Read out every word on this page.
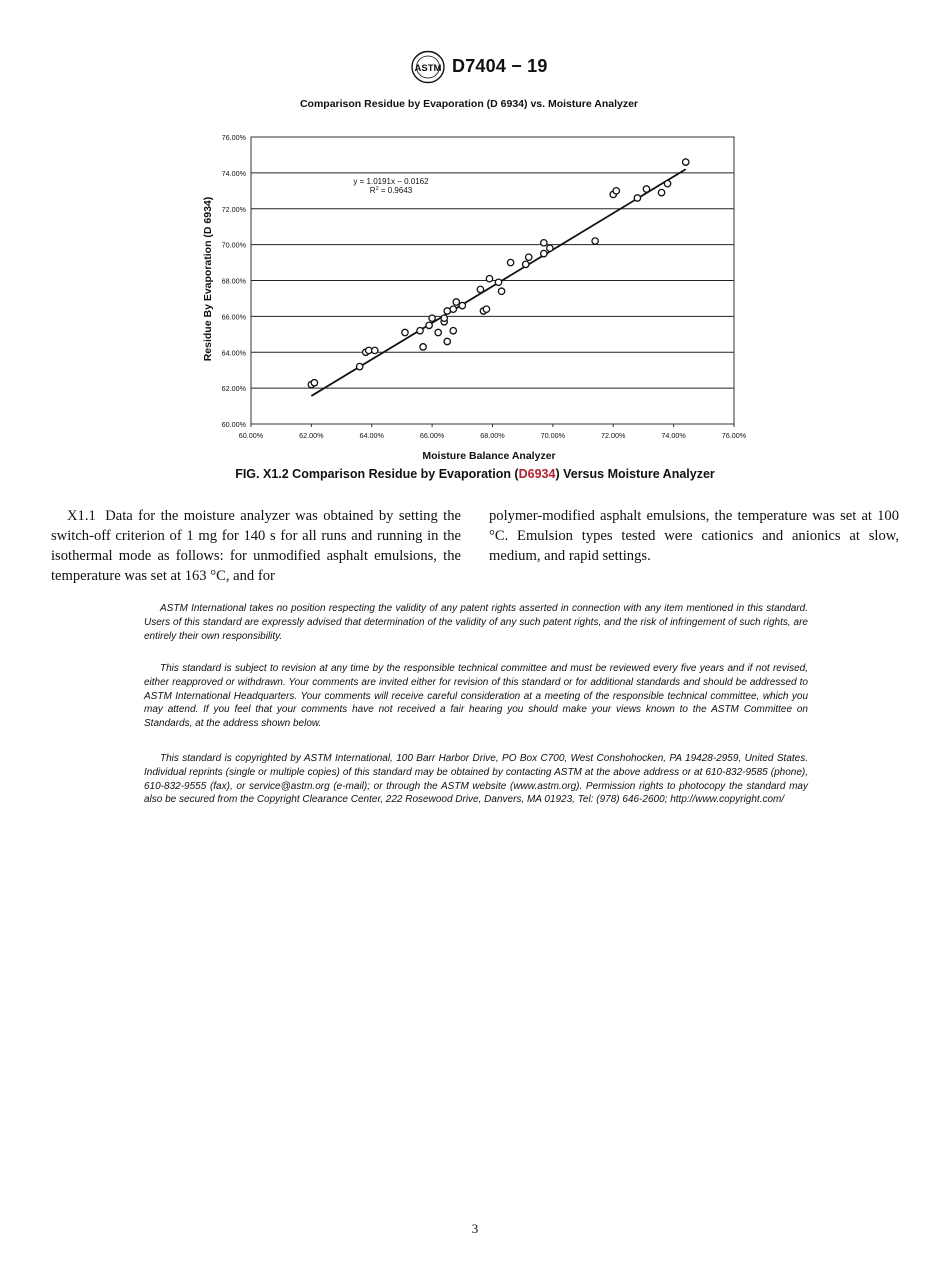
ASTM D7404 − 19
Comparison Residue by Evaporation (D 6934) vs. Moisture Analyzer
60.00%
62.00%
64.00%
66.00%
68.00%
70.00%
72.00%
74.00%
76.00%
60.00%	62.00%	64.00%	66.00%	68.00%	70.00%	72.00%	74.00%	76.00%
y = 1.0191x − 0.0162
$R^2 = 0.9643$
Moisture Balance Analyzer
Residue By Evaporation (D 6934)
FIG. X1.2 Comparison Residue by Evaporation (D6934) Versus Moisture Analyzer
X1.1 Data for the moisture analyzer was obtained by setting the switch-off criterion of 1 mg for 140 s for all runs and running in the isothermal mode as follows: for unmodified asphalt emulsions, the temperature was set at 163 °C, and for
polymer-modified asphalt emulsions, the temperature was set at 100 °C. Emulsion types tested were cationics and anionics at slow, medium, and rapid settings.
ASTM International takes no position respecting the validity of any patent rights asserted in connection with any item mentioned in this standard. Users of this standard are expressly advised that determination of the validity of any such patent rights, and the risk of infringement of such rights, are entirely their own responsibility.
This standard is subject to revision at any time by the responsible technical committee and must be reviewed every five years and if not revised, either reapproved or withdrawn. Your comments are invited either for revision of this standard or for additional standards and should be addressed to ASTM International Headquarters. Your comments will receive careful consideration at a meeting of the responsible technical committee, which you may attend. If you feel that your comments have not received a fair hearing you should make your views known to the ASTM Committee on Standards, at the address shown below.
This standard is copyrighted by ASTM International, 100 Barr Harbor Drive, PO Box C700, West Conshohocken, PA 19428-2959, United States. Individual reprints (single or multiple copies) of this standard may be obtained by contacting ASTM at the above address or at 610-832-9585 (phone), 610-832-9555 (fax), or service@astm.org (e-mail); or through the ASTM website (www.astm.org). Permission rights to photocopy the standard may also be secured from the Copyright Clearance Center, 222 Rosewood Drive, Danvers, MA 01923, Tel: (978) 646-2600; http://www.copyright.com/
3
